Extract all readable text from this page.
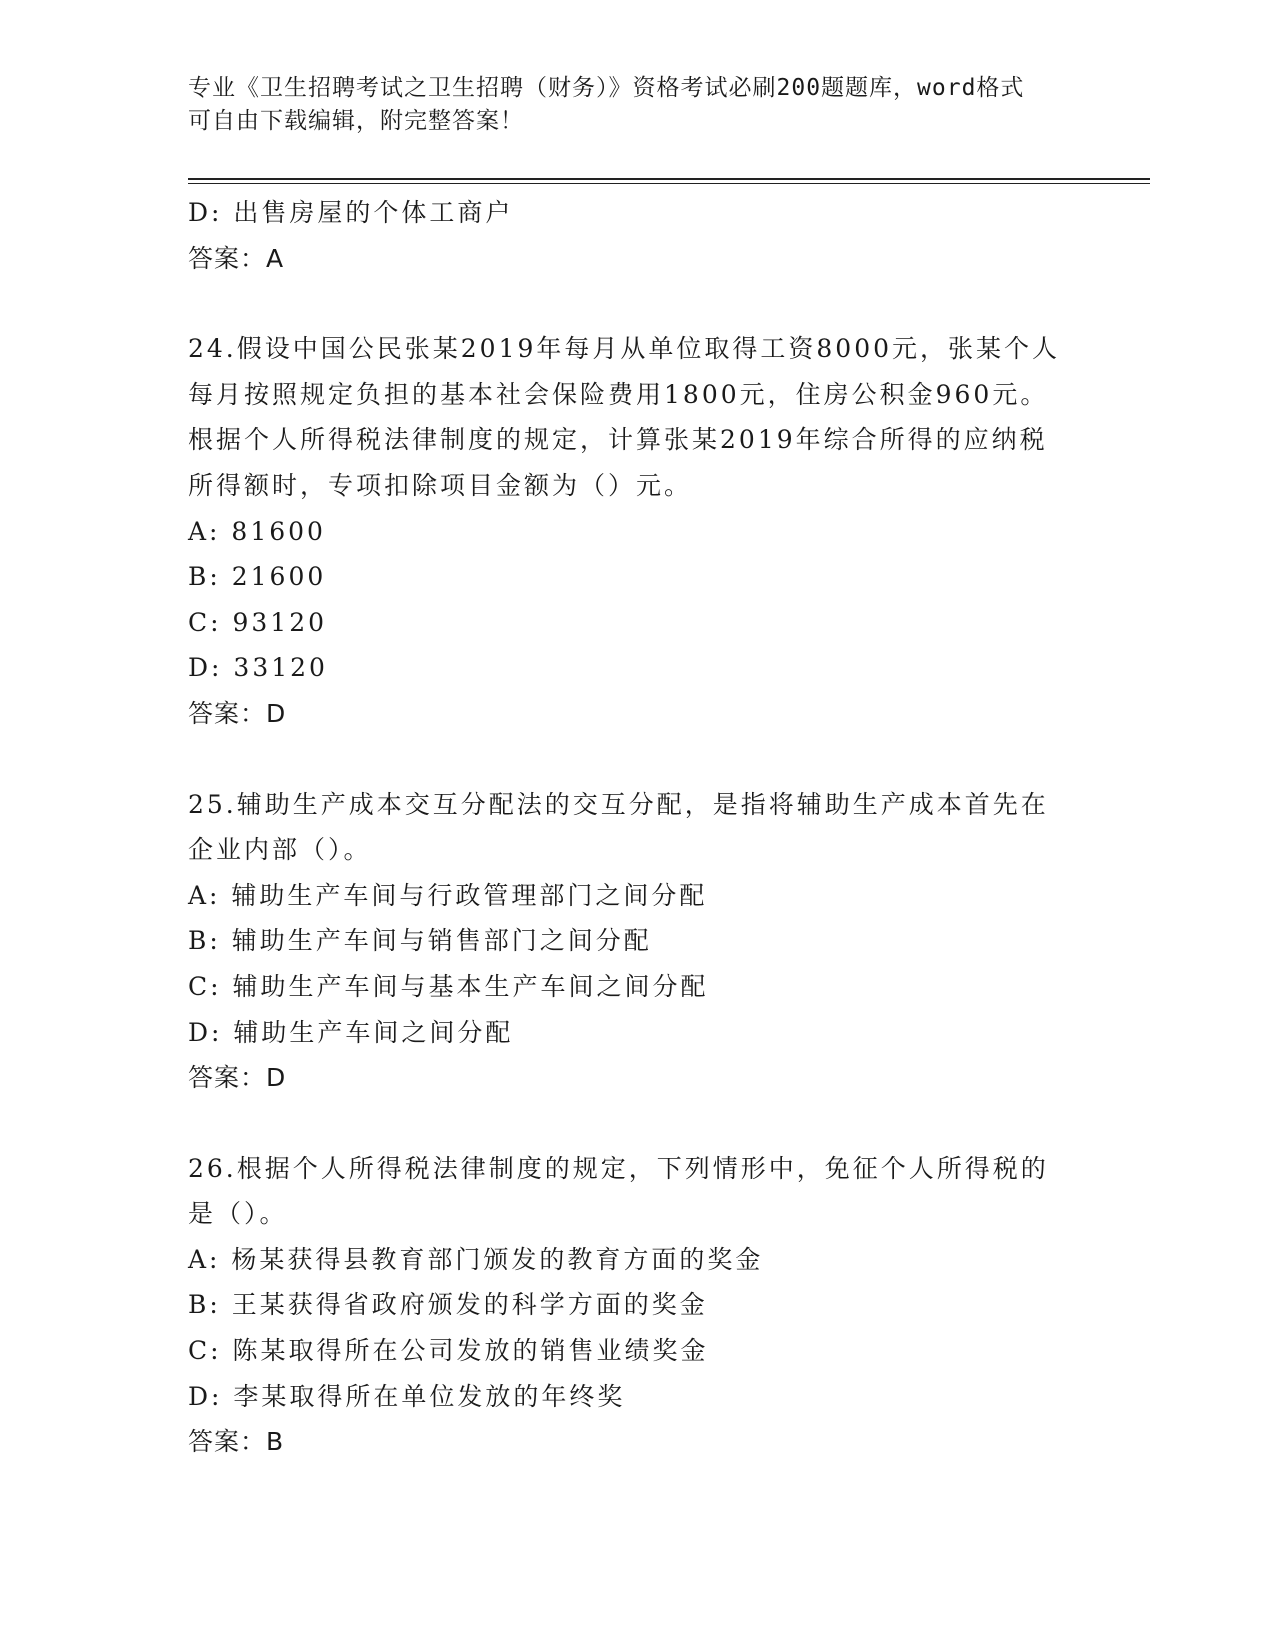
专业《卫生招聘考试之卫生招聘（财务）》资格考试必刷200题题库，word格式
可自由下载编辑，附完整答案！
D: 出售房屋的个体工商户
答案：A
24.假设中国公民张某2019年每月从单位取得工资8000元，张某个人
每月按照规定负担的基本社会保险费用1800元，住房公积金960元。
根据个人所得税法律制度的规定，计算张某2019年综合所得的应纳税
所得额时，专项扣除项目金额为（）元。
A: 81600
B: 21600
C: 93120
D: 33120
答案：D
25.辅助生产成本交互分配法的交互分配，是指将辅助生产成本首先在
企业内部（）。
A: 辅助生产车间与行政管理部门之间分配
B: 辅助生产车间与销售部门之间分配
C: 辅助生产车间与基本生产车间之间分配
D: 辅助生产车间之间分配
答案：D
26.根据个人所得税法律制度的规定，下列情形中，免征个人所得税的
是（）。
A: 杨某获得县教育部门颁发的教育方面的奖金
B: 王某获得省政府颁发的科学方面的奖金
C: 陈某取得所在公司发放的销售业绩奖金
D: 李某取得所在单位发放的年终奖
答案：B
